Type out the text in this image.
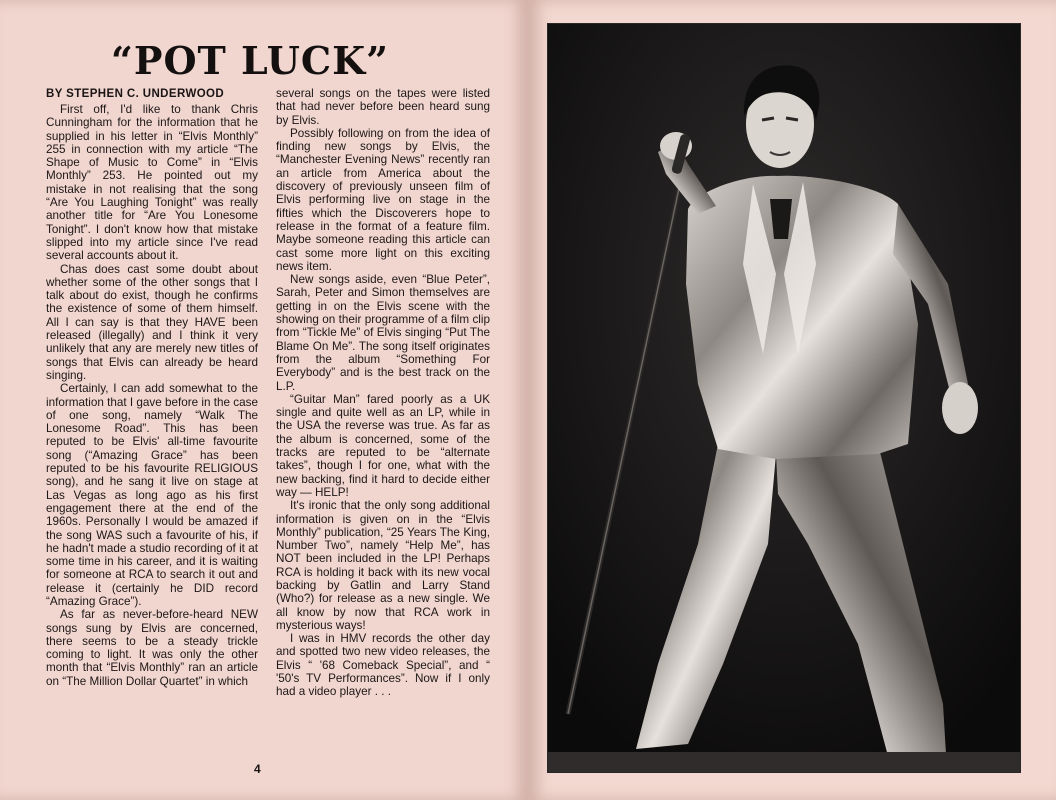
“POT LUCK”
BY STEPHEN C. UNDERWOOD

First off, I'd like to thank Chris Cunningham for the information that he supplied in his letter in “Elvis Monthly” 255 in connection with my article “The Shape of Music to Come” in “Elvis Monthly” 253. He pointed out my mistake in not realising that the song “Are You Laughing Tonight” was really another title for “Are You Lonesome Tonight”. I don't know how that mistake slipped into my article since I've read several accounts about it.

Chas does cast some doubt about whether some of the other songs that I talk about do exist, though he confirms the existence of some of them himself. All I can say is that they HAVE been released (illegally) and I think it very unlikely that any are merely new titles of songs that Elvis can already be heard singing.

Certainly, I can add somewhat to the information that I gave before in the case of one song, namely “Walk The Lonesome Road”. This has been reputed to be Elvis' all-time favourite song (“Amazing Grace” has been reputed to be his favourite RELIGIOUS song), and he sang it live on stage at Las Vegas as long ago as his first engagement there at the end of the 1960s. Personally I would be amazed if the song WAS such a favourite of his, if he hadn't made a studio recording of it at some time in his career, and it is waiting for someone at RCA to search it out and release it (certainly he DID record “Amazing Grace”).

As far as never-before-heard NEW songs sung by Elvis are concerned, there seems to be a steady trickle coming to light. It was only the other month that “Elvis Monthly” ran an article on “The Million Dollar Quartet” in which

several songs on the tapes were listed that had never before been heard sung by Elvis.

Possibly following on from the idea of finding new songs by Elvis, the “Manchester Evening News” recently ran an article from America about the discovery of previously unseen film of Elvis performing live on stage in the fifties which the Discoverers hope to release in the format of a feature film. Maybe someone reading this article can cast some more light on this exciting news item.

New songs aside, even “Blue Peter”, Sarah, Peter and Simon themselves are getting in on the Elvis scene with the showing on their programme of a film clip from “Tickle Me” of Elvis singing “Put The Blame On Me”. The song itself originates from the album “Something For Everybody” and is the best track on the L.P.

“Guitar Man” fared poorly as a UK single and quite well as an LP, while in the USA the reverse was true. As far as the album is concerned, some of the tracks are reputed to be “alternate takes”, though I for one, what with the new backing, find it hard to decide either way — HELP!

It's ironic that the only song additional information is given on in the “Elvis Monthly” publication, “25 Years The King, Number Two”, namely “Help Me”, has NOT been included in the LP! Perhaps RCA is holding it back with its new vocal backing by Gatlin and Larry Stand (Who?) for release as a new single. We all know by now that RCA work in mysterious ways!

I was in HMV records the other day and spotted two new video releases, the Elvis “ '68 Comeback Special”, and “ '50's TV Performances”. Now if I only had a video player . . .

4
